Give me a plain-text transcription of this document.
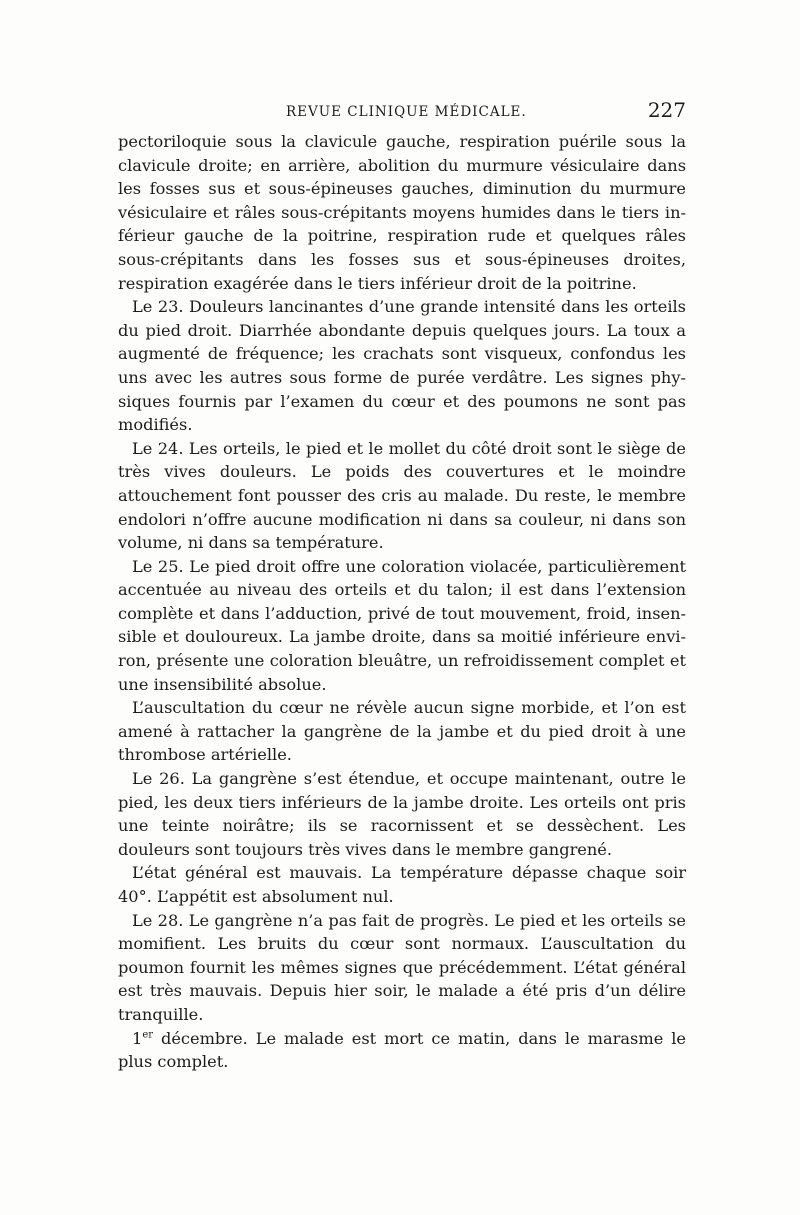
REVUE CLINIQUE MÉDICALE.	227

pectoriloquie sous la clavicule gauche, respiration puérile sous la clavicule droite; en arrière, abolition du murmure vésiculaire dans les fosses sus et sous-épineuses gauches, diminution du murmure vésiculaire et râles sous-crépitants moyens humides dans le tiers inférieur gauche de la poitrine, respiration rude et quelques râles sous-crépitants dans les fosses sus et sous-épineuses droites, respiration exagérée dans le tiers inférieur droit de la poitrine.

Le 23. Douleurs lancinantes d’une grande intensité dans les orteils du pied droit. Diarrhée abondante depuis quelques jours. La toux a augmenté de fréquence; les crachats sont visqueux, confondus les uns avec les autres sous forme de purée verdâtre. Les signes physiques fournis par l’examen du cœur et des poumons ne sont pas modifiés.

Le 24. Les orteils, le pied et le mollet du côté droit sont le siège de très vives douleurs. Le poids des couvertures et le moindre attouchement font pousser des cris au malade. Du reste, le membre endolori n’offre aucune modification ni dans sa couleur, ni dans son volume, ni dans sa température.

Le 25. Le pied droit offre une coloration violacée, particulièrement accentuée au niveau des orteils et du talon; il est dans l’extension complète et dans l’adduction, privé de tout mouvement, froid, insensible et douloureux. La jambe droite, dans sa moitié inférieure environ, présente une coloration bleuâtre, un refroidissement complet et une insensibilité absolue.

L’auscultation du cœur ne révèle aucun signe morbide, et l’on est amené à rattacher la gangrène de la jambe et du pied droit à une thrombose artérielle.

Le 26. La gangrène s’est étendue, et occupe maintenant, outre le pied, les deux tiers inférieurs de la jambe droite. Les orteils ont pris une teinte noirâtre; ils se racornissent et se dessèchent. Les douleurs sont toujours très vives dans le membre gangrené.

L’état général est mauvais. La température dépasse chaque soir 40°. L’appétit est absolument nul.

Le 28. Le gangrène n’a pas fait de progrès. Le pied et les orteils se momifient. Les bruits du cœur sont normaux. L’auscultation du poumon fournit les mêmes signes que précédemment. L’état général est très mauvais. Depuis hier soir, le malade a été pris d’un délire tranquille.

1er décembre. Le malade est mort ce matin, dans le marasme le plus complet.
